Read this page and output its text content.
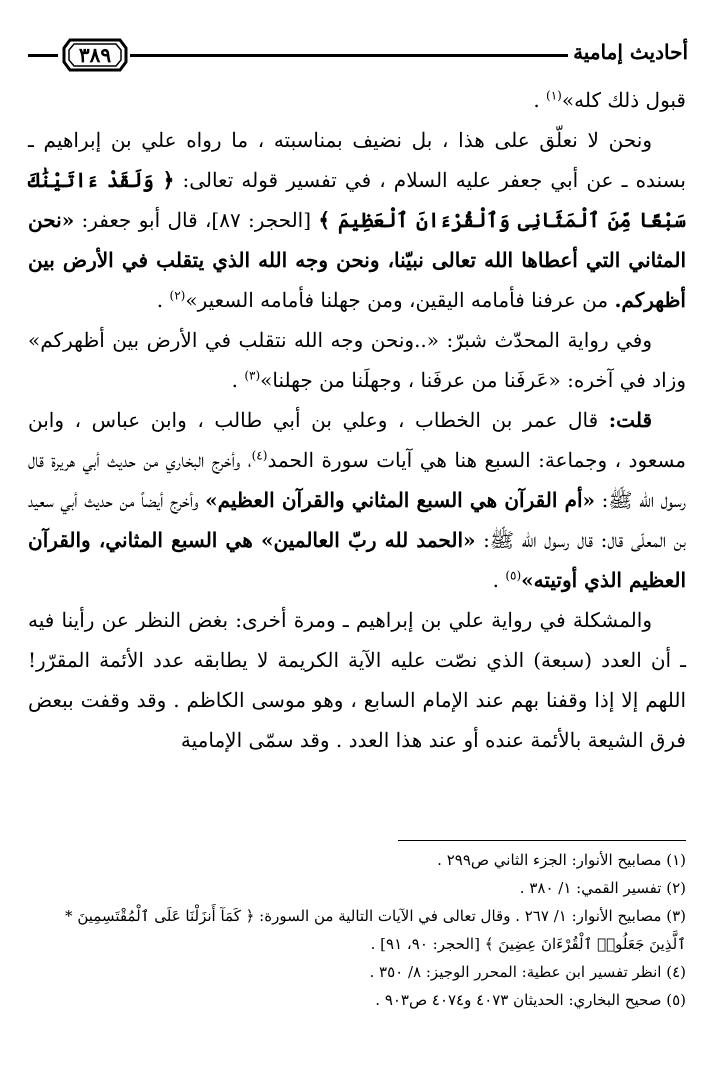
٣٨٩	أحاديث إمامية

قبول ذلك كله»$^{(١)}$ .

ونحن لا نعلّق على هذا ، بل نضيف بمناسبته ، ما رواه علي بن إبراهيم ـ بسنده ـ عن أبي جعفر عليه السلام ، في تفسير قوله تعالى: ﴿ وَلَقَدْ ءَاتَيْنَٰكَ سَبْعًا مِّنَ ٱلْمَثَانِى وَٱلْقُرْءَانَ ٱلْعَظِيمَ ﴾ [الحجر: ٨٧]، قال أبو جعفر: «نحن المثاني التي أعطاها الله تعالى نبيّنا، ونحن وجه الله الذي يتقلب في الأرض بين أظهركم. من عرفنا فأمامه اليقين، ومن جهلنا فأمامه السعير»$^{(٢)}$ .

وفي رواية المحدّث شبرّ: «..ونحن وجه الله نتقلب في الأرض بين أظهركم» وزاد في آخره: «عَرفَنا من عرفَنا ، وجهلَنا من جهلنا»$^{(٣)}$ .

قلت: قال عمر بن الخطاب ، وعلي بن أبي طالب ، وابن عباس ، وابن مسعود ، وجماعة: السبع هنا هي آيات سورة الحمد$^{(٤)}$، وأخرج البخاري من حديث أبي هريرة قال رسول الله ﷺ: «أم القرآن هي السبع المثاني والقرآن العظيم» وأخرج أيضاً من حديث أبي سعيد بن المعلّى قال: قال رسول الله ﷺ: «الحمد لله ربّ العالمين» هي السبع المثاني، والقرآن العظيم الذي أوتيته»$^{(٥)}$ .

والمشكلة في رواية علي بن إبراهيم ـ ومرة أخرى: بغض النظر عن رأينا فيه ـ أن العدد (سبعة) الذي نصّت عليه الآية الكريمة لا يطابقه عدد الأئمة المقرّر! اللهم إلا إذا وقفنا بهم عند الإمام السابع ، وهو موسى الكاظم . وقد وقفت ببعض فرق الشيعة بالأئمة عنده أو عند هذا العدد . وقد سمّى الإمامية

(١) مصابيح الأنوار: الجزء الثاني ص٢٩٩ .

(٢) تفسير القمي: ١/ ٣٨٠ .

(٣) مصابيح الأنوار: ١/ ٢٦٧ . وقال تعالى في الآيات التالية من السورة: ﴿ كَمَآ أَنزَلْنَا عَلَى ٱلْمُقْتَسِمِينَ * ٱلَّذِينَ جَعَلُوا۟ ٱلْقُرْءَانَ عِضِينَ ﴾ [الحجر: ٩٠، ٩١] .

(٤) انظر تفسير ابن عطية: المحرر الوجيز: ٨/ ٣٥٠ .

(٥) صحيح البخاري: الحديثان ٤٠٧٣ و٤٠٧٤ ص٩٠٣ .
